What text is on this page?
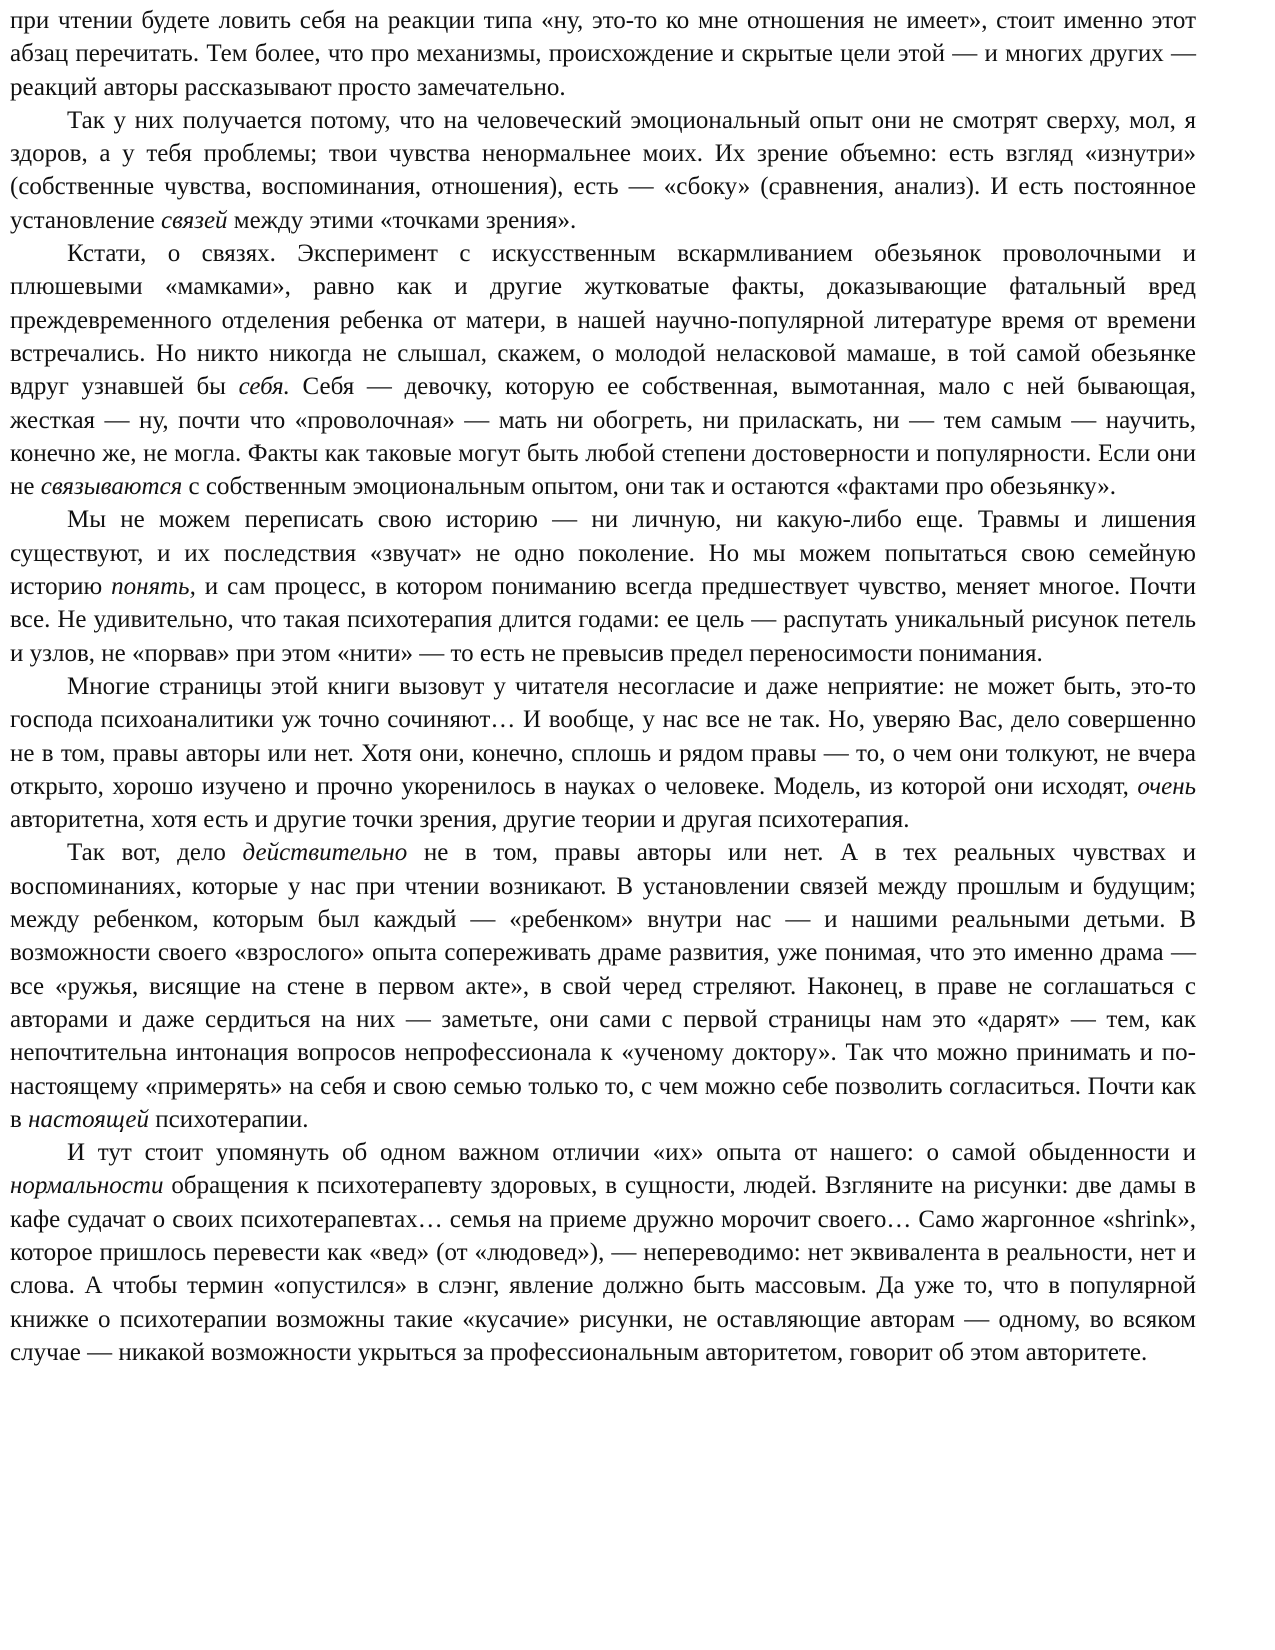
при чтении будете ловить себя на реакции типа «ну, это-то ко мне отношения не имеет», стоит именно этот абзац перечитать. Тем более, что про механизмы, происхождение и скрытые цели этой — и многих других — реакций авторы рассказывают просто замечательно.

Так у них получается потому, что на человеческий эмоциональный опыт они не смотрят сверху, мол, я здоров, а у тебя проблемы; твои чувства ненормальнее моих. Их зрение объемно: есть взгляд «изнутри» (собственные чувства, воспоминания, отношения), есть — «сбоку» (сравнения, анализ). И есть постоянное установление связей между этими «точками зрения».

Кстати, о связях. Эксперимент с искусственным вскармливанием обезьянок проволочными и плюшевыми «мамками», равно как и другие жутковатые факты, доказывающие фатальный вред преждевременного отделения ребенка от матери, в нашей научно-популярной литературе время от времени встречались. Но никто никогда не слышал, скажем, о молодой неласковой мамаше, в той самой обезьянке вдруг узнавшей бы себя. Себя — девочку, которую ее собственная, вымотанная, мало с ней бывающая, жесткая — ну, почти что «проволочная» — мать ни обогреть, ни приласкать, ни — тем самым — научить, конечно же, не могла. Факты как таковые могут быть любой степени достоверности и популярности. Если они не связываются с собственным эмоциональным опытом, они так и остаются «фактами про обезьянку».

Мы не можем переписать свою историю — ни личную, ни какую-либо еще. Травмы и лишения существуют, и их последствия «звучат» не одно поколение. Но мы можем попытаться свою семейную историю понять, и сам процесс, в котором пониманию всегда предшествует чувство, меняет многое. Почти все. Не удивительно, что такая психотерапия длится годами: ее цель — распутать уникальный рисунок петель и узлов, не «порвав» при этом «нити» — то есть не превысив предел переносимости понимания.

Многие страницы этой книги вызовут у читателя несогласие и даже неприятие: не может быть, это-то господа психоаналитики уж точно сочиняют… И вообще, у нас все не так. Но, уверяю Вас, дело совершенно не в том, правы авторы или нет. Хотя они, конечно, сплошь и рядом правы — то, о чем они толкуют, не вчера открыто, хорошо изучено и прочно укоренилось в науках о человеке. Модель, из которой они исходят, очень авторитетна, хотя есть и другие точки зрения, другие теории и другая психотерапия.

Так вот, дело действительно не в том, правы авторы или нет. А в тех реальных чувствах и воспоминаниях, которые у нас при чтении возникают. В установлении связей между прошлым и будущим; между ребенком, которым был каждый — «ребенком» внутри нас — и нашими реальными детьми. В возможности своего «взрослого» опыта сопереживать драме развития, уже понимая, что это именно драма — все «ружья, висящие на стене в первом акте», в свой черед стреляют. Наконец, в праве не соглашаться с авторами и даже сердиться на них — заметьте, они сами с первой страницы нам это «дарят» — тем, как непочтительна интонация вопросов непрофессионала к «ученому доктору». Так что можно принимать и по-настоящему «примерять» на себя и свою семью только то, с чем можно себе позволить согласиться. Почти как в настоящей психотерапии.

И тут стоит упомянуть об одном важном отличии «их» опыта от нашего: о самой обыденности и нормальности обращения к психотерапевту здоровых, в сущности, людей. Взгляните на рисунки: две дамы в кафе судачат о своих психотерапевтах… семья на приеме дружно морочит своего… Само жаргонное «shrink», которое пришлось перевести как «вед» (от «людовед»), — непереводимо: нет эквивалента в реальности, нет и слова. А чтобы термин «опустился» в слэнг, явление должно быть массовым. Да уже то, что в популярной книжке о психотерапии возможны такие «кусачие» рисунки, не оставляющие авторам — одному, во всяком случае — никакой возможности укрыться за профессиональным авторитетом, говорит об этом авторитете.
